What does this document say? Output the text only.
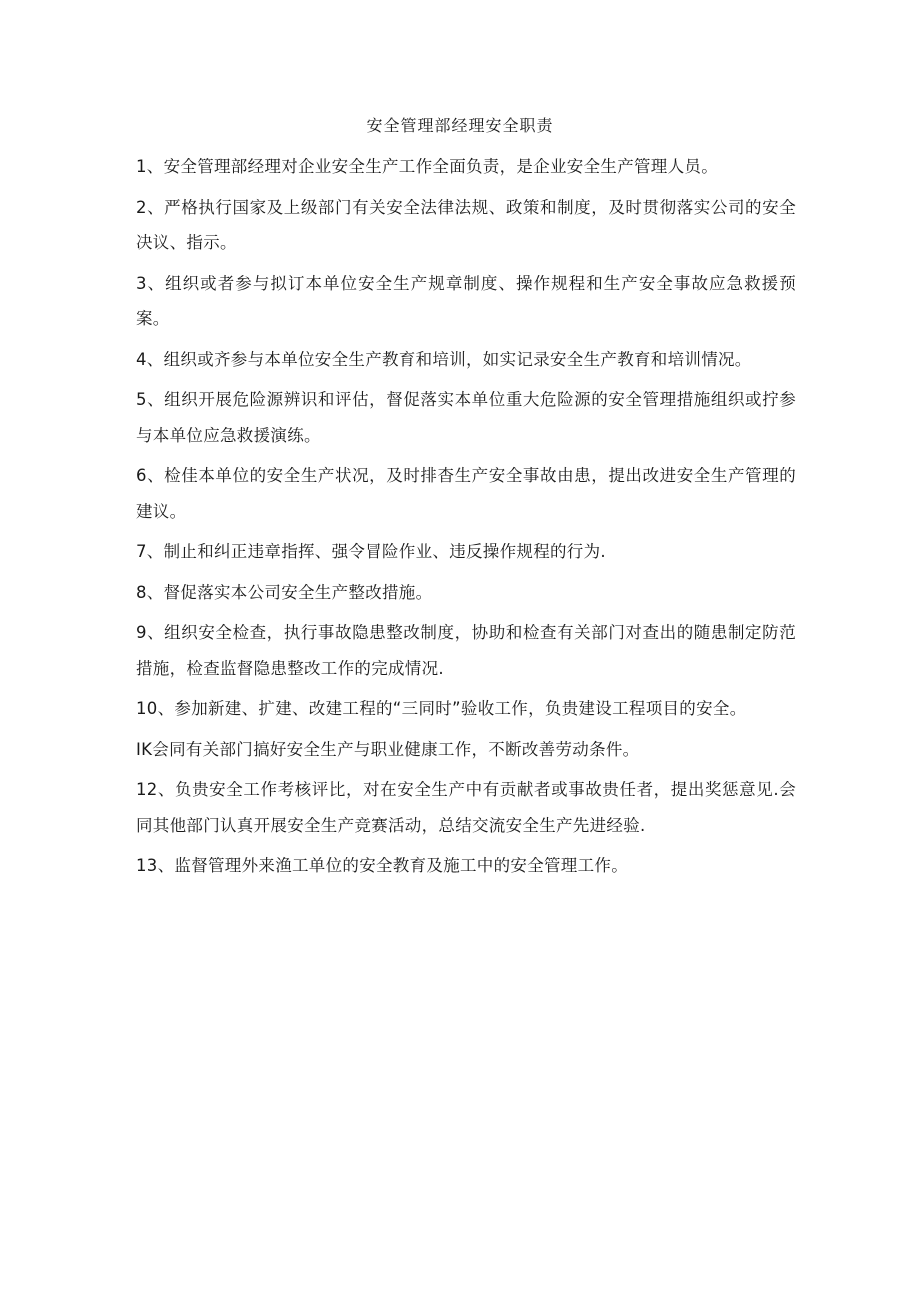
安全管理部经理安全职责
1、安全管理部经理对企业安全生产工作全面负责，是企业安全生产管理人员。
2、严格执行国家及上级部门有关安全法律法规、政策和制度，及时贯彻落实公司的安全决议、指示。
3、组织或者参与拟订本单位安全生产规章制度、操作规程和生产安全事故应急救援预案。
4、组织或齐参与本单位安全生产教育和培训，如实记录安全生产教育和培训情况。
5、组织开展危险源辨识和评估，督促落实本单位重大危险源的安全管理措施组织或拧参与本单位应急救援演练。
6、检佳本单位的安全生产状况，及时排杳生产安全事故由患，提出改进安全生产管理的建议。
7、制止和纠正违章指挥、强令冒险作业、违反操作规程的行为.
8、督促落实本公司安全生产整改措施。
9、组织安全检查，执行事故隐患整改制度，协助和检查有关部门对查出的随患制定防范措施，检查监督隐患整改工作的完成情况.
10、参加新建、扩建、改建工程的“三同时”验收工作，负贵建设工程项目的安全。
IK会同有关部门搞好安全生产与职业健康工作，不断改善劳动条件。
12、负贵安全工作考核评比，对在安全生产中有贡献者或事故贵任者，提出奖惩意见.会同其他部门认真开展安全生产竞赛活动，总结交流安全生产先进经验.
13、监督管理外来渔工单位的安全教育及施工中的安全管理工作。
